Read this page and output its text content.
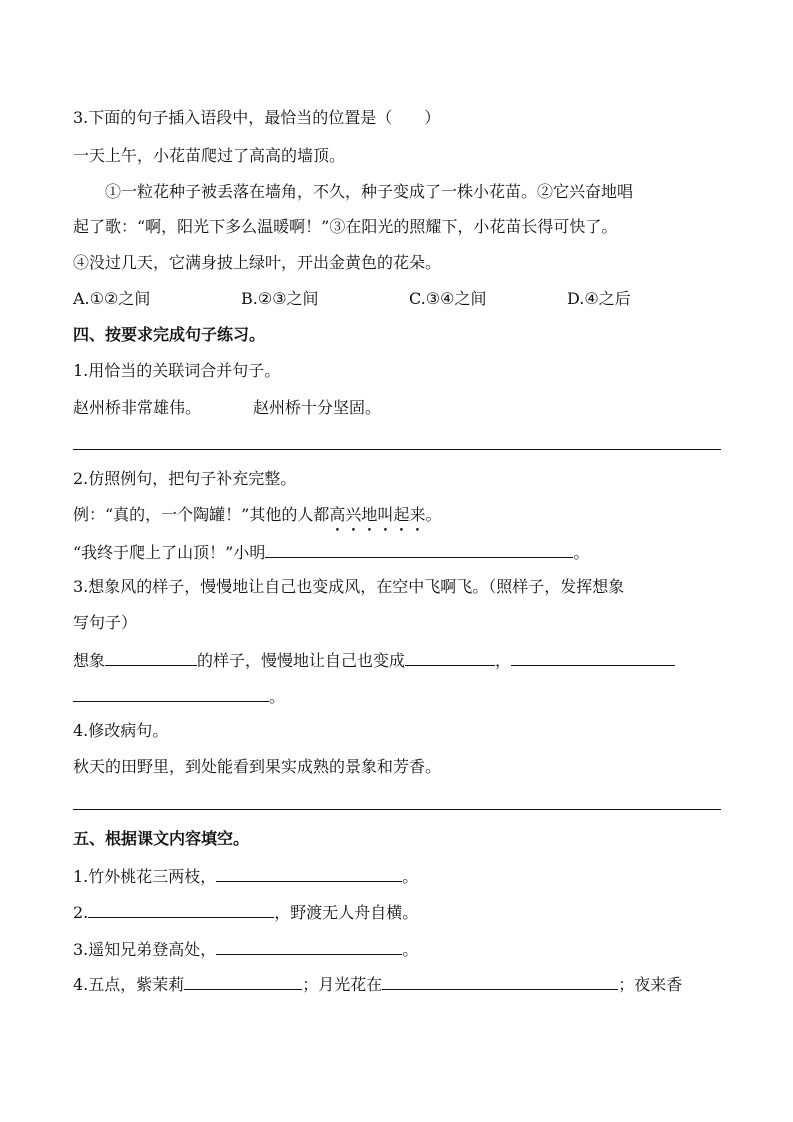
3.下面的句子插入语段中，最恰当的位置是（　　）
一天上午，小花苗爬过了高高的墙顶。
①一粒花种子被丢落在墙角，不久，种子变成了一株小花苗。②它兴奋地唱
起了歌：“啊，阳光下多么温暖啊！”③在阳光的照耀下，小花苗长得可快了。
④没过几天，它满身披上绿叶，开出金黄色的花朵。
A.①②之间	B.②③之间	C.③④之间	D.④之后
四、按要求完成句子练习。
1.用恰当的关联词合并句子。
赵州桥非常雄伟。	赵州桥十分坚固。
2.仿照例句，把句子补充完整。
例：“真的，一个陶罐！”其他的人都高兴地叫起来。
“我终于爬上了山顶！”小明	。
3.想象风的样子，慢慢地让自己也变成风，在空中飞啊飞。（照样子，发挥想象
写句子）
想象	的样子，慢慢地让自己也变成	，
。
4.修改病句。
秋天的田野里，到处能看到果实成熟的景象和芳香。
五、根据课文内容填空。
1.竹外桃花三两枝，	。
2.	，野渡无人舟自横。
3.遥知兄弟登高处，	。
4.五点，紫茉莉	；月光花在	；夜来香
